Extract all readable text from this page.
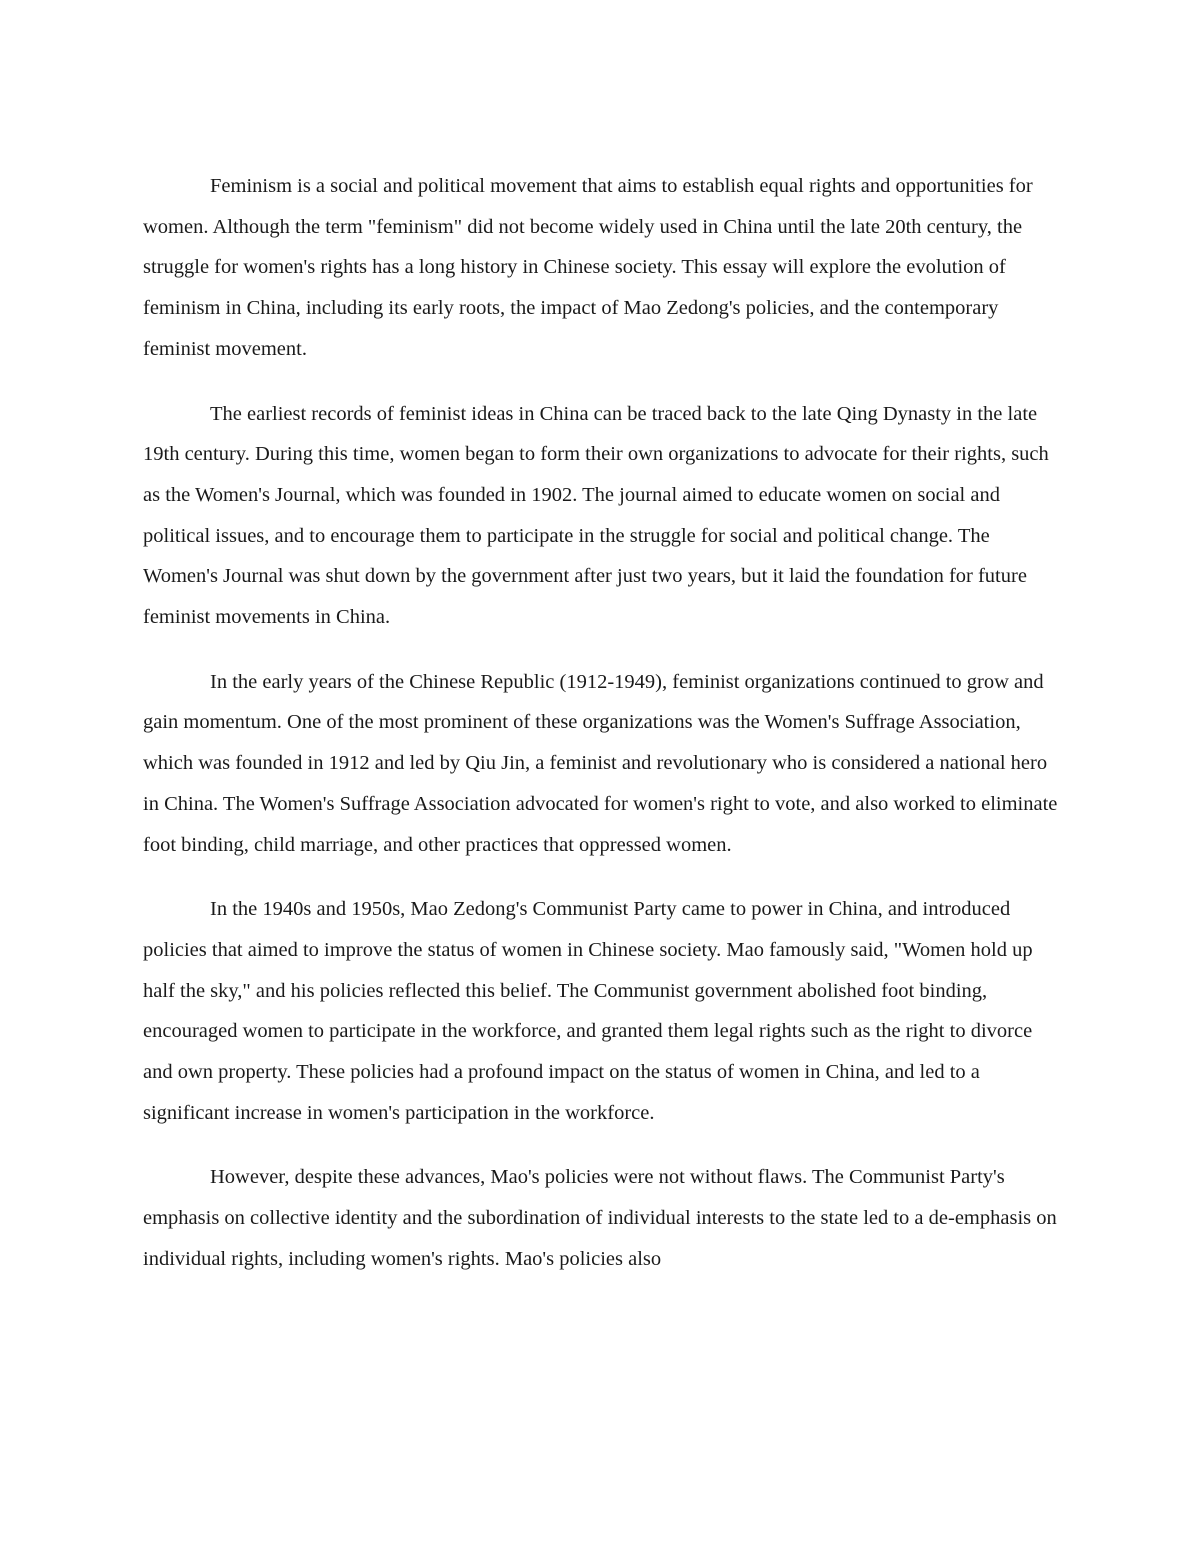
Feminism is a social and political movement that aims to establish equal rights and opportunities for women. Although the term "feminism" did not become widely used in China until the late 20th century, the struggle for women's rights has a long history in Chinese society. This essay will explore the evolution of feminism in China, including its early roots, the impact of Mao Zedong's policies, and the contemporary feminist movement.

The earliest records of feminist ideas in China can be traced back to the late Qing Dynasty in the late 19th century. During this time, women began to form their own organizations to advocate for their rights, such as the Women's Journal, which was founded in 1902. The journal aimed to educate women on social and political issues, and to encourage them to participate in the struggle for social and political change. The Women's Journal was shut down by the government after just two years, but it laid the foundation for future feminist movements in China.

In the early years of the Chinese Republic (1912-1949), feminist organizations continued to grow and gain momentum. One of the most prominent of these organizations was the Women's Suffrage Association, which was founded in 1912 and led by Qiu Jin, a feminist and revolutionary who is considered a national hero in China. The Women's Suffrage Association advocated for women's right to vote, and also worked to eliminate foot binding, child marriage, and other practices that oppressed women.

In the 1940s and 1950s, Mao Zedong's Communist Party came to power in China, and introduced policies that aimed to improve the status of women in Chinese society. Mao famously said, "Women hold up half the sky," and his policies reflected this belief. The Communist government abolished foot binding, encouraged women to participate in the workforce, and granted them legal rights such as the right to divorce and own property. These policies had a profound impact on the status of women in China, and led to a significant increase in women's participation in the workforce.

However, despite these advances, Mao's policies were not without flaws. The Communist Party's emphasis on collective identity and the subordination of individual interests to the state led to a de-emphasis on individual rights, including women's rights. Mao's policies also
